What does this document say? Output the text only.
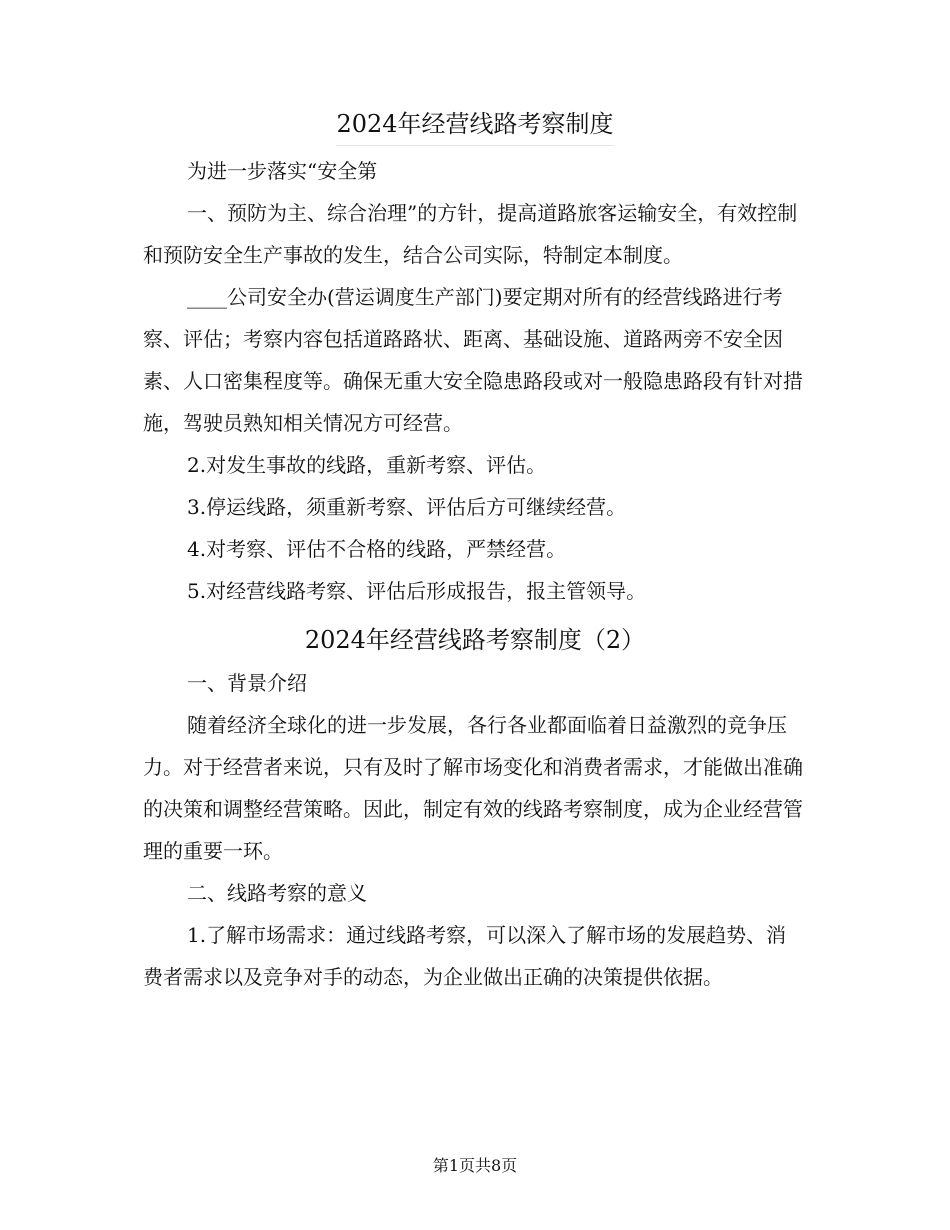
2024年经营线路考察制度

为进一步落实“安全第

一、预防为主、综合治理”的方针，提高道路旅客运输安全，有效控制和预防安全生产事故的发生，结合公司实际，特制定本制度。

____公司安全办(营运调度生产部门)要定期对所有的经营线路进行考察、评估；考察内容包括道路路状、距离、基础设施、道路两旁不安全因素、人口密集程度等。确保无重大安全隐患路段或对一般隐患路段有针对措施，驾驶员熟知相关情况方可经营。

2.对发生事故的线路，重新考察、评估。

3.停运线路，须重新考察、评估后方可继续经营。

4.对考察、评估不合格的线路，严禁经营。

5.对经营线路考察、评估后形成报告，报主管领导。

2024年经营线路考察制度（2）

一、背景介绍

随着经济全球化的进一步发展，各行各业都面临着日益激烈的竞争压力。对于经营者来说，只有及时了解市场变化和消费者需求，才能做出准确的决策和调整经营策略。因此，制定有效的线路考察制度，成为企业经营管理的重要一环。

二、线路考察的意义

1.了解市场需求：通过线路考察，可以深入了解市场的发展趋势、消费者需求以及竞争对手的动态，为企业做出正确的决策提供依据。

第1页共8页
